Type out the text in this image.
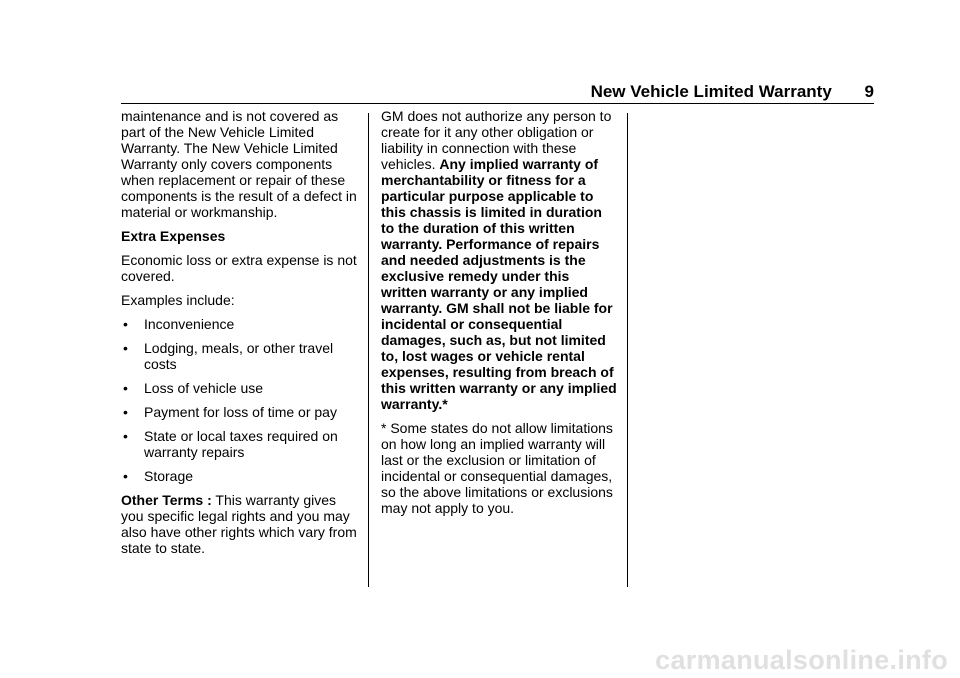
New Vehicle Limited Warranty 9

maintenance and is not covered as part of the New Vehicle Limited Warranty. The New Vehicle Limited Warranty only covers components when replacement or repair of these components is the result of a defect in material or workmanship.

Extra Expenses

Economic loss or extra expense is not covered.

Examples include:

• Inconvenience
• Lodging, meals, or other travel costs
• Loss of vehicle use
• Payment for loss of time or pay
• State or local taxes required on warranty repairs
• Storage

Other Terms : This warranty gives you specific legal rights and you may also have other rights which vary from state to state.

GM does not authorize any person to create for it any other obligation or liability in connection with these vehicles. Any implied warranty of merchantability or fitness for a particular purpose applicable to this chassis is limited in duration to the duration of this written warranty. Performance of repairs and needed adjustments is the exclusive remedy under this written warranty or any implied warranty. GM shall not be liable for incidental or consequential damages, such as, but not limited to, lost wages or vehicle rental expenses, resulting from breach of this written warranty or any implied warranty.*

* Some states do not allow limitations on how long an implied warranty will last or the exclusion or limitation of incidental or consequential damages, so the above limitations or exclusions may not apply to you.

carmanualsonline.info
